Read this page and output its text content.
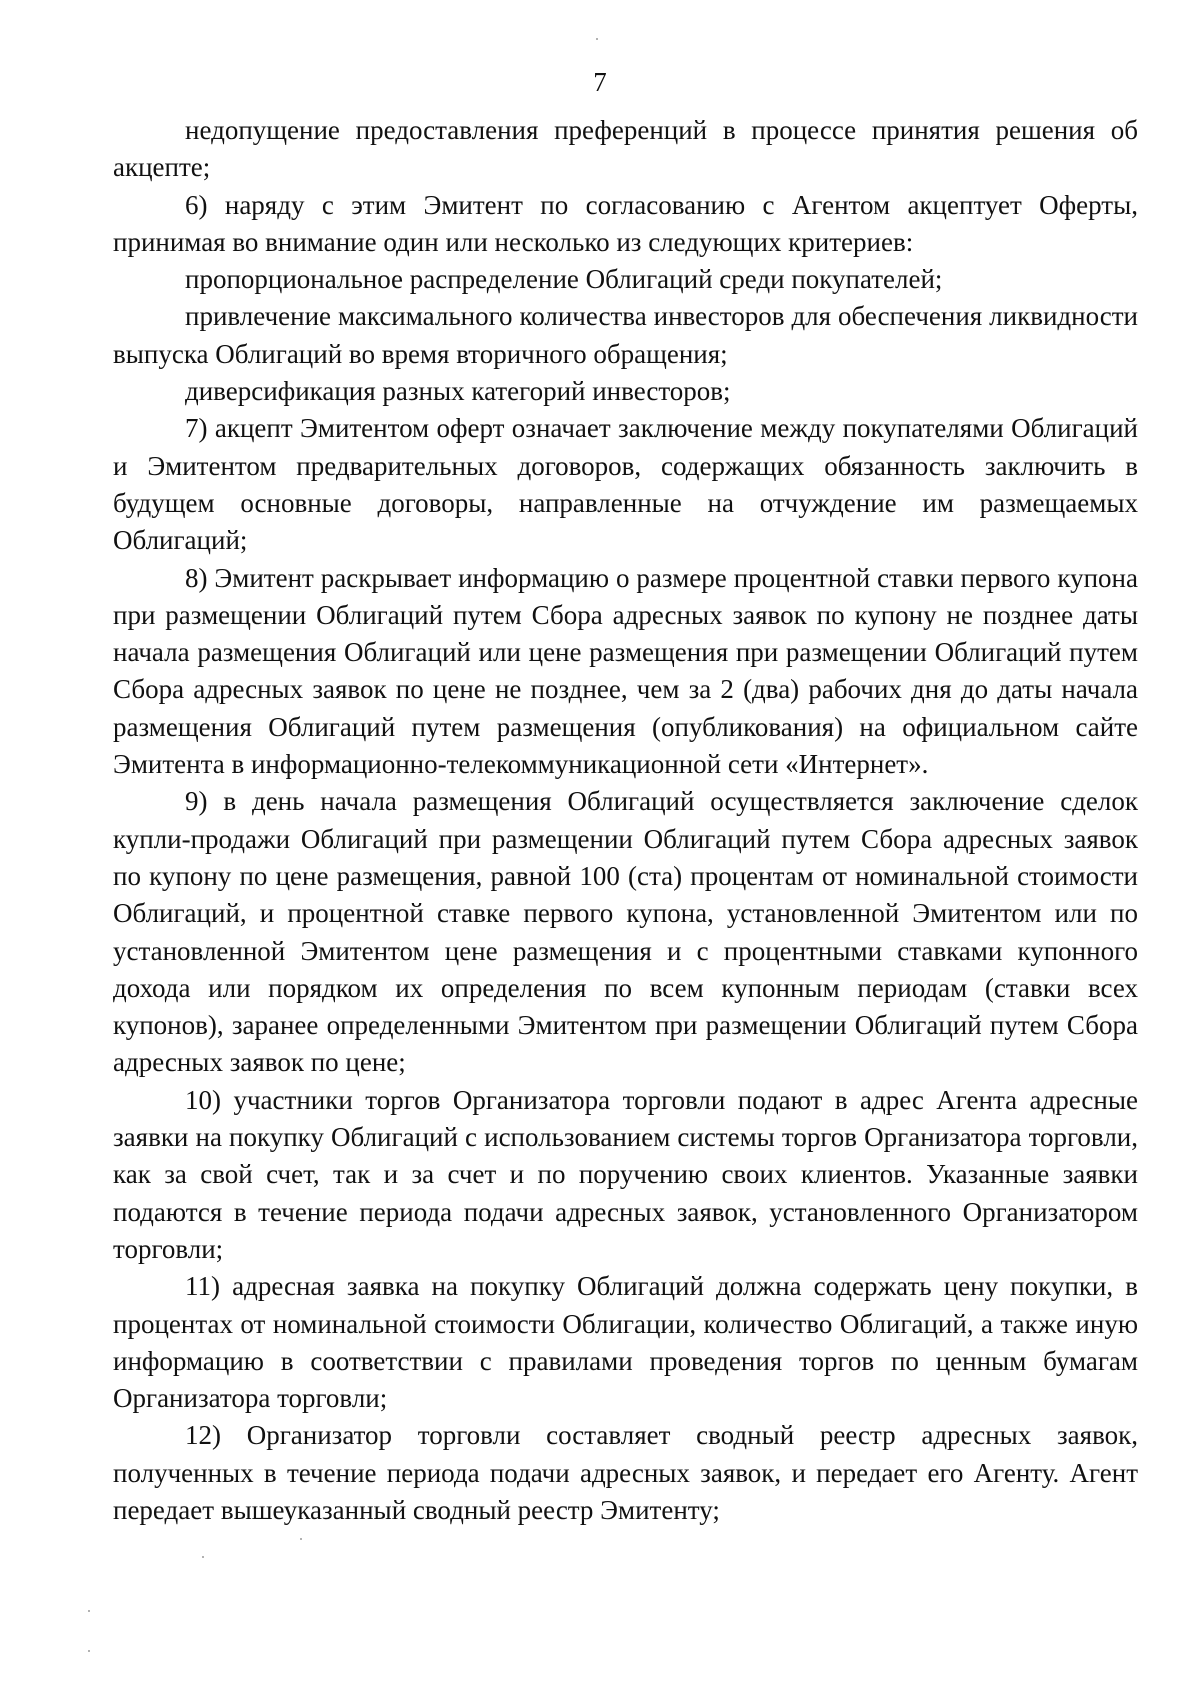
7

недопущение предоставления преференций в процессе принятия решения об акцепте;

6) наряду с этим Эмитент по согласованию с Агентом акцептует Оферты, принимая во внимание один или несколько из следующих критериев:

пропорциональное распределение Облигаций среди покупателей;

привлечение максимального количества инвесторов для обеспечения ликвидности выпуска Облигаций во время вторичного обращения;

диверсификация разных категорий инвесторов;

7) акцепт Эмитентом оферт означает заключение между покупателями Облигаций и Эмитентом предварительных договоров, содержащих обязанность заключить в будущем основные договоры, направленные на отчуждение им размещаемых Облигаций;

8) Эмитент раскрывает информацию о размере процентной ставки первого купона при размещении Облигаций путем Сбора адресных заявок по купону не позднее даты начала размещения Облигаций или цене размещения при размещении Облигаций путем Сбора адресных заявок по цене не позднее, чем за 2 (два) рабочих дня до даты начала размещения Облигаций путем размещения (опубликования) на официальном сайте Эмитента в информационно-телекоммуникационной сети «Интернет».

9) в день начала размещения Облигаций осуществляется заключение сделок купли-продажи Облигаций при размещении Облигаций путем Сбора адресных заявок по купону по цене размещения, равной 100 (ста) процентам от номинальной стоимости Облигаций, и процентной ставке первого купона, установленной Эмитентом или по установленной Эмитентом цене размещения и с процентными ставками купонного дохода или порядком их определения по всем купонным периодам (ставки всех купонов), заранее определенными Эмитентом при размещении Облигаций путем Сбора адресных заявок по цене;

10) участники торгов Организатора торговли подают в адрес Агента адресные заявки на покупку Облигаций с использованием системы торгов Организатора торговли, как за свой счет, так и за счет и по поручению своих клиентов. Указанные заявки подаются в течение периода подачи адресных заявок, установленного Организатором торговли;

11) адресная заявка на покупку Облигаций должна содержать цену покупки, в процентах от номинальной стоимости Облигации, количество Облигаций, а также иную информацию в соответствии с правилами проведения торгов по ценным бумагам Организатора торговли;

12) Организатор торговли составляет сводный реестр адресных заявок, полученных в течение периода подачи адресных заявок, и передает его Агенту. Агент передает вышеуказанный сводный реестр Эмитенту;
